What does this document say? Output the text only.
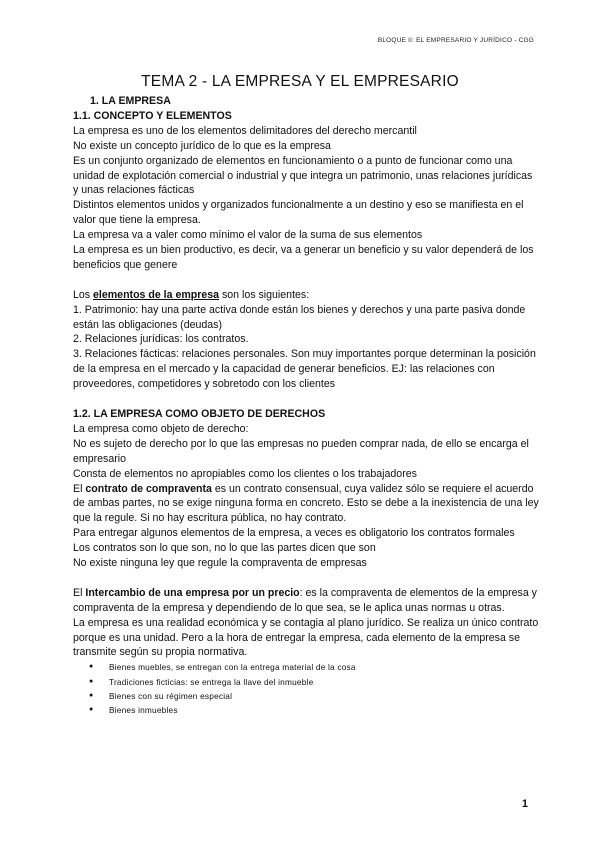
BLOQUE II: EL EMPRESARIO Y JURÍDICO - CGG
TEMA 2 - LA EMPRESA Y EL EMPRESARIO

1. LA EMPRESA

1.1. CONCEPTO Y ELEMENTOS

La empresa es uno de los elementos delimitadores del derecho mercantil

No existe un concepto jurídico de lo que es la empresa

Es un conjunto organizado de elementos en funcionamiento o a punto de funcionar como una unidad de explotación comercial o industrial y que integra un patrimonio, unas relaciones jurídicas

y unas relaciones fácticas

Distintos elementos unidos y organizados funcionalmente a un destino y eso se manifiesta en el valor que tiene la empresa.

La empresa va a valer como mínimo el valor de la suma de sus elementos

La empresa es un bien productivo, es decir, va a generar un beneficio y su valor dependerá de los beneficios que genere

Los elementos de la empresa son los siguientes:

1. Patrimonio: hay una parte activa donde están los bienes y derechos y una parte pasiva donde están las obligaciones (deudas)

2. Relaciones jurídicas: los contratos.

3. Relaciones fácticas: relaciones personales. Son muy importantes porque determinan la posición de la empresa en el mercado y la capacidad de generar beneficios. EJ: las relaciones con proveedores, competidores y sobretodo con los clientes

1.2. LA EMPRESA COMO OBJETO DE DERECHOS

La empresa como objeto de derecho:

No es sujeto de derecho por lo que las empresas no pueden comprar nada, de ello se encarga el empresario

Consta de elementos no apropiables como los clientes o los trabajadores

El contrato de compraventa es un contrato consensual, cuya validez sólo se requiere el acuerdo de ambas partes, no se exige ninguna forma en concreto. Esto se debe a la inexistencia de una ley que la regule. Si no hay escritura pública, no hay contrato.

Para entregar algunos elementos de la empresa, a veces es obligatorio los contratos formales

Los contratos son lo que son, no lo que las partes dicen que son

No existe ninguna ley que regule la compraventa de empresas

El Intercambio de una empresa por un precio: es la compraventa de elementos de la empresa y compraventa de la empresa y dependiendo de lo que sea, se le aplica unas normas u otras.

La empresa es una realidad económica y se contagia al plano jurídico. Se realiza un único contrato porque es una unidad. Pero a la hora de entregar la empresa, cada elemento de la empresa se transmite según su propia normativa.

● Bienes muebles, se entregan con la entrega material de la cosa
● Tradiciones ficticias: se entrega la llave del inmueble
● Bienes con su régimen especial
● Bienes inmuebles
1
